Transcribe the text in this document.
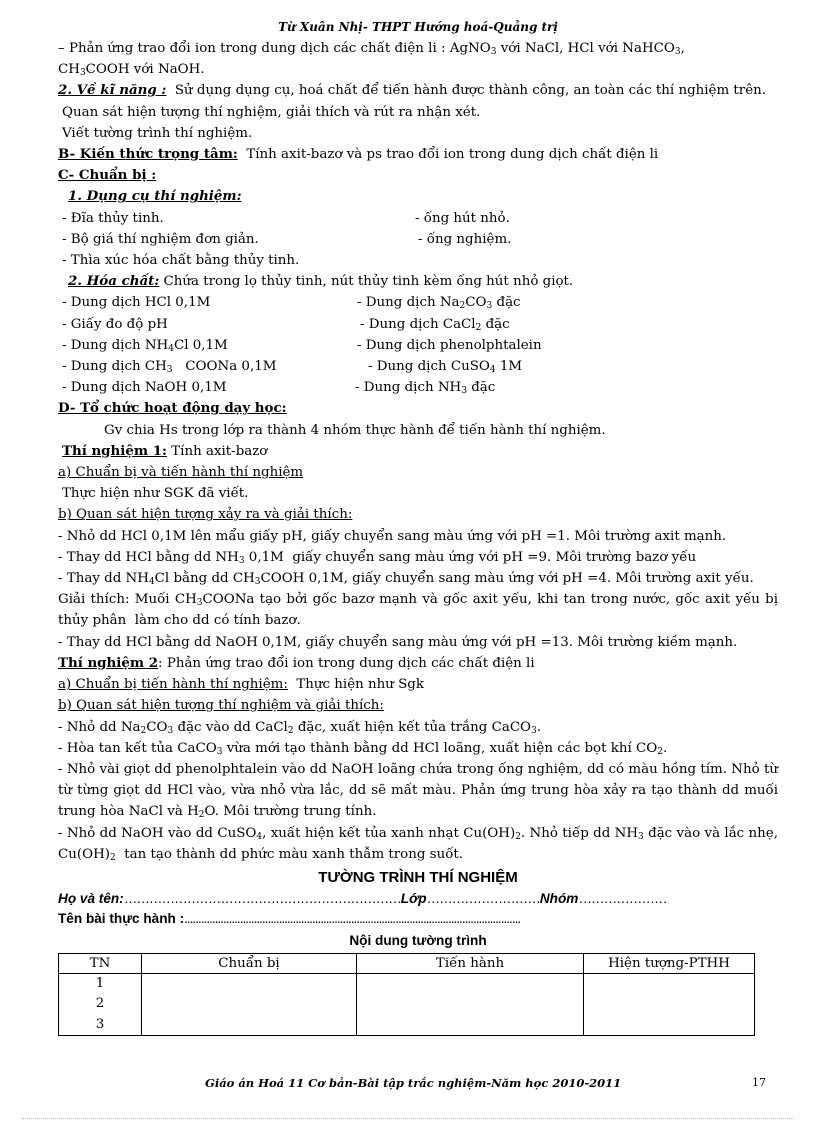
Từ Xuân Nhị- THPT Hướng hoá-Quảng trị
– Phản ứng trao đổi ion trong dung dịch các chất điện li : AgNO$_3$ với NaCl, HCl với NaHCO$_3$,
$CH_3COOH$ với NaOH.
2. Về kĩ năng : Sử dụng dụng cụ, hoá chất để tiến hành được thành công, an toàn các thí nghiệm trên.
Quan sát hiện tượng thí nghiệm, giải thích và rút ra nhận xét.
Viết tường trình thí nghiệm.
B- Kiến thức trọng tâm: Tính axit-bazơ và ps trao đổi ion trong dung dịch chất điện li
C- Chuẩn bị :
1. Dụng cụ thí nghiệm:
- Đĩa thủy tinh.	- ống hút nhỏ.
- Bộ giá thí nghiệm đơn giản.	- ống nghiệm.
- Thìa xúc hóa chất bằng thủy tinh.
2. Hóa chất: Chứa trong lọ thủy tinh, nút thủy tinh kèm ống hút nhỏ giọt.
- Dung dịch HCl 0,1M	- Dung dịch $Na_2CO_3$ đặc
- Giấy đo độ pH	- Dung dịch CaCl$_2$ đặc
- Dung dịch $NH_4Cl$ 0,1M	- Dung dịch phenolphtalein
- Dung dịch $CH_3$   COONa 0,1M	- Dung dịch CuSO$_4$ 1M
- Dung dịch NaOH 0,1M	- Dung dịch $NH_3$ đặc
D- Tổ chức hoạt động dạy học:
Gv chia Hs trong lớp ra thành 4 nhóm thực hành để tiến hành thí nghiệm.
Thí nghiệm 1: Tính axit-bazơ
a) Chuẩn bị và tiến hành thí nghiệm
Thực hiện như SGK đã viết.
b) Quan sát hiện tượng xảy ra và giải thích:
- Nhỏ dd HCl 0,1M lên mẩu giấy pH, giấy chuyển sang màu ứng với pH =1. Môi trường axit mạnh.
- Thay dd HCl bằng dd $NH_3$ 0,1M  giấy chuyển sang màu ứng với pH =9. Môi trường bazơ yếu
- Thay dd $NH_4Cl$ bằng dd $CH_3COOH$ 0,1M, giấy chuyển sang màu ứng với pH =4. Môi trường axit yếu.
Giải thích: Muối $CH_3COONa$ tạo bởi gốc bazơ mạnh và gốc axit yếu, khi tan trong nước, gốc axit yếu bị thủy phân  làm cho dd có tính bazơ.
- Thay dd HCl bằng dd NaOH 0,1M, giấy chuyển sang màu ứng với pH =13. Môi trường kiềm mạnh.
Thí nghiệm 2: Phản ứng trao đổi ion trong dung dịch các chất điện li
a) Chuẩn bị tiến hành thí nghiệm: Thực hiện như Sgk
b) Quan sát hiện tượng thí nghiệm và giải thích:
- Nhỏ dd $Na_2CO_3$ đặc vào dd CaCl$_2$ đặc, xuất hiện kết tủa trắng CaCO$_3$.
- Hòa tan kết tủa CaCO$_3$ vừa mới tạo thành bằng dd HCl loãng, xuất hiện các bọt khí $CO_2$.
- Nhỏ vài giọt dd phenolphtalein vào dd NaOH loãng chứa trong ống nghiệm, dd có màu hồng tím. Nhỏ từ từ từng giọt dd HCl vào, vừa nhỏ vừa lắc, dd sẽ mất màu. Phản ứng trung hòa xảy ra tạo thành dd muối trung hòa NaCl và $H_2O$. Môi trường trung tính.
- Nhỏ dd NaOH vào dd CuSO$_4$, xuất hiện kết tủa xanh nhạt $Cu(OH)_2$. Nhỏ tiếp dd $NH_3$ đặc vào và lắc nhẹ, $Cu(OH)_2$  tan tạo thành dd phức màu xanh thẫm trong suốt.
TƯỜNG TRÌNH THÍ NGHIỆM
Họ và tên:…………………………………………………………Lớp………………………Nhóm…………………
Tên bài thực hành :.........................................................................................................................
Nội dung tường trình
TN	Chuẩn bị	Tiến hành	Hiện tượng-PTHH

1
2
3			

Giáo án Hoá 11 Cơ bản-Bài tập trắc nghiệm-Năm học 2010-2011	17
